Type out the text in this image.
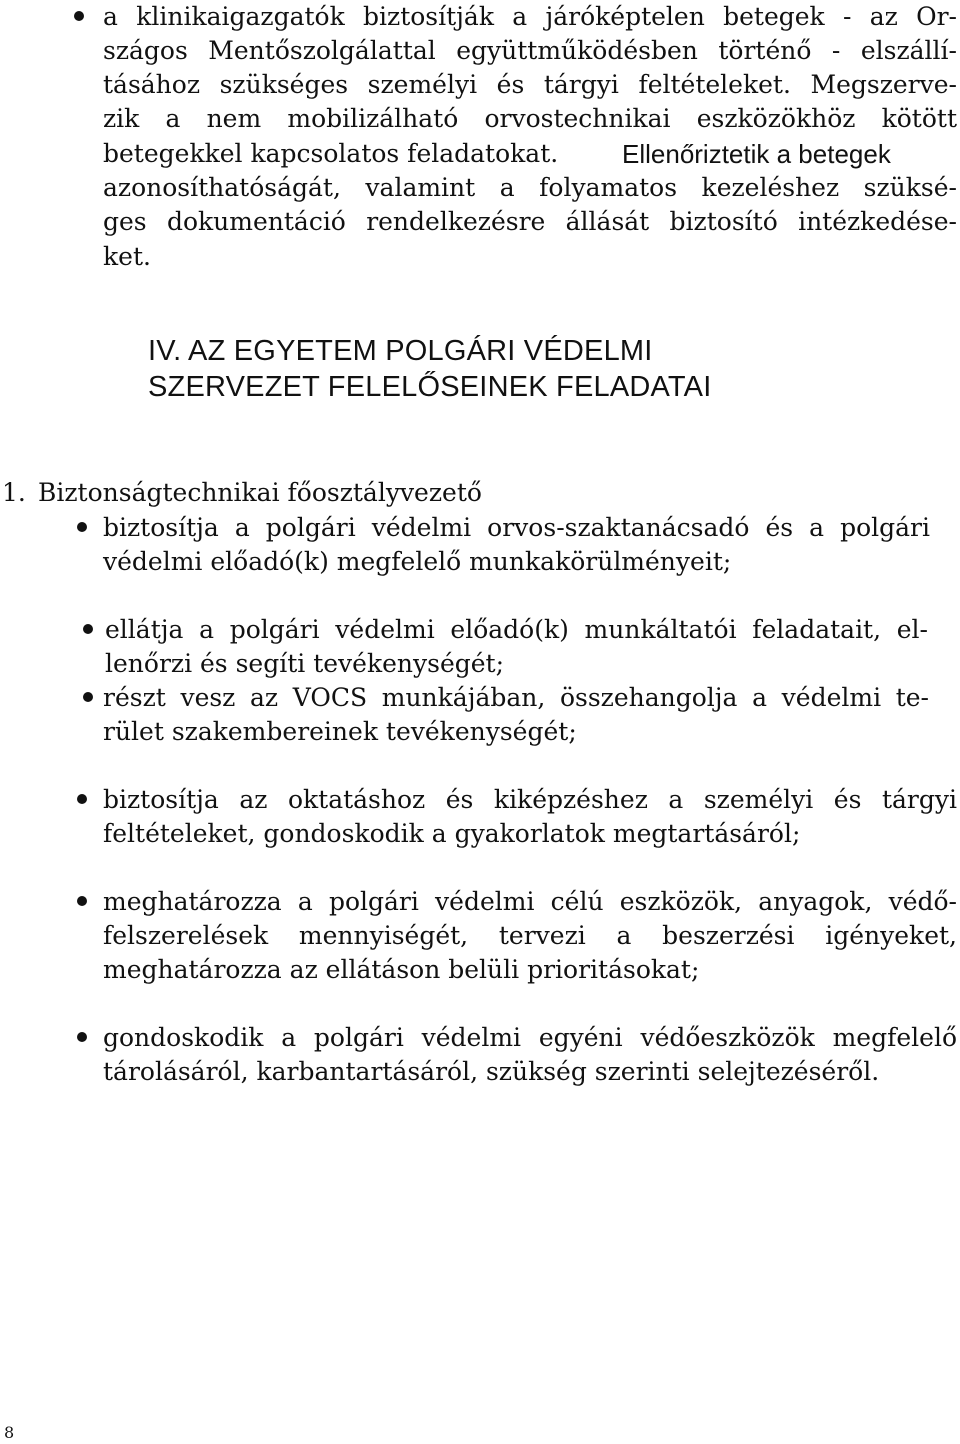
a klinikaigazgatók biztosítják a járóképtelen betegek - az Or-
szágos Mentőszolgálattal együttműködésben történő - elszállí-
tásához szükséges személyi és tárgyi feltételeket. Megszerve-
zik a nem mobilizálható orvostechnikai eszközökhöz kötött
betegekkel kapcsolatos feladatokat. Ellenőriztetik a betegek
azonosíthatóságát, valamint a folyamatos kezeléshez szüksé-
ges dokumentáció rendelkezésre állását biztosító intézkedése-
ket.
IV. AZ EGYETEM POLGÁRI VÉDELMI
SZERVEZET FELELŐSEINEK FELADATAI
1. Biztonságtechnikai főosztályvezető
biztosítja a polgári védelmi orvos-szaktanácsadó és a polgári
védelmi előadó(k) megfelelő munkakörülményeit;
ellátja a polgári védelmi előadó(k) munkáltatói feladatait, el-
lenőrzi és segíti tevékenységét;
részt vesz az VOCS munkájában, összehangolja a védelmi te-
rület szakembereinek tevékenységét;
biztosítja az oktatáshoz és kiképzéshez a személyi és tárgyi
feltételeket, gondoskodik a gyakorlatok megtartásáról;
meghatározza a polgári védelmi célú eszközök, anyagok, védő-
felszerelések mennyiségét, tervezi a beszerzési igényeket,
meghatározza az ellátáson belüli prioritásokat;
gondoskodik a polgári védelmi egyéni védőeszközök megfelelő
tárolásáról, karbantartásáról, szükség szerinti selejtezéséről.
8
